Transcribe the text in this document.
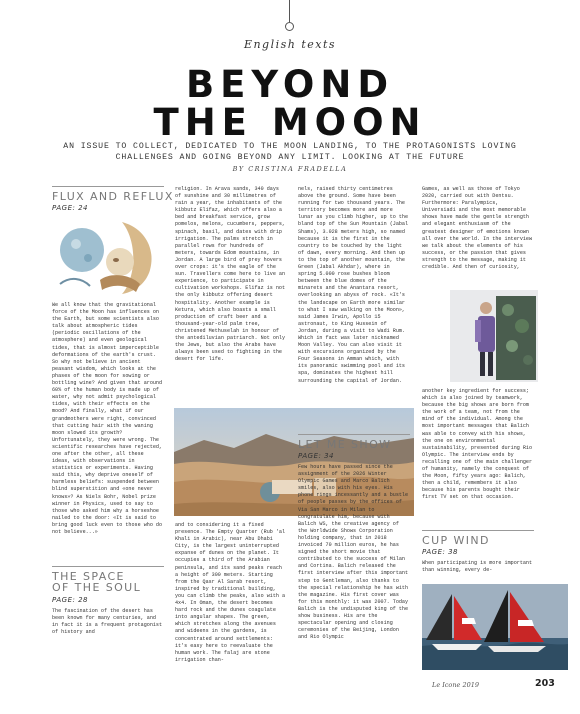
English texts
BEYOND
THE MOON
AN ISSUE TO COLLECT, DEDICATED TO THE MOON LANDING, TO THE PROTAGONISTS LOVING
CHALLENGES AND GOING BEYOND ANY LIMIT. LOOKING AT THE FUTURE
BY CRISTINA FRADELLA
FLUX AND REFLUX
PAGE: 24
We all know that the gravitational force of the Moon has influences on the Earth, but some scientists also talk about atmospheric tides (periodic oscillations of the atmosphere) and even geological tides, that is almost imperceptible deformations of the earth's crust. So why not believe in ancient peasant wisdom, which looks at the phases of the moon for sowing or bottling wine? And given that around 60% of the human body is made up of water, why not admit psychological tides, with their effects on the mood? And finally, what if our grandmothers were right, convinced that cutting hair with the waning moon slowed its growth? Unfortunately, they were wrong. The scientific researches have rejected, one after the other, all these ideas, with observations in statistics or experiments. Having said this, why deprive oneself of harmless beliefs: suspended between blind superstition and «one never knows»? As Niels Bohr, Nobel prize winner in Physics, used to say to those who asked him why a horseshoe nailed to the door: «It is said to bring good luck even to those who do not believe...»
THE SPACE
OF THE SOUL
PAGE: 28
The fascination of the desert has been known for many centuries, and in fact it is a frequent protagonist of history and
religion. In Arava sands, 340 days of sunshine and 30 millimetres of rain a year, the inhabitants of the kibbutz Elifaz, which offers also a bed and breakfast service, grow pomelos, melons, cucumbers, peppers, spinach, basil, and dates with drip irrigation. The palms stretch in parallel rows for hundreds of meters, towards Edom mountains, in Jordan. A large bird of prey hovers over crops: it's the eagle of the sun. Travellers come here to live an experience, to participate in cultivation workshops. Elifaz is not the only kibbutz offering desert hospitality. Another example is Ketura, which also boasts a small production of craft beer and a thousand-year-old palm tree, christened Methuselah in honour of the antediluvian patriarch. Not only the Jews, but also the Arabs have always been used to fighting in the desert for life.
and to considering it a fixed presence. The Empty Quarter (Rub 'al Khali in Arabic), near Abu Dhabi City, is the largest uninterrupted expanse of dunes on the planet. It occupies a third of the Arabian peninsula, and its sand peaks reach a height of 300 meters. Starting from the Qasr Al Sarab resort, inspired by traditional building, you can climb the peaks, also with a 4x4. In Oman, the desert becomes hard rock and the dunes coagulate into angular shapes. The green, which stretches along the avenues and wideens in the gardens, is concentrated around settlements: it's easy here to reevaluate the human work. The falaj are stone irrigation chan-
nels, raised thirty centimetres above the ground. Some have been running for two thousand years. The territory becomes more and more lunar as you climb higher, up to the bland top of the Sun Mountain (Jabal Shams), 3.028 meters high, so named because it is the first in the country to be touched by the light of dawn, every morning. And then up to the top of another mountain, the Green (Jabal Akhdar), where in spring 5.000 rose bushes bloom between the blue domes of the minarets and the Anantara resort, overlooking an abyss of rock. «It's the landscape on Earth more similar to what I saw walking on the Moon», said James Irwin, Apollo 15 astronaut, to King Hussein of Jordan, during a visit to Wadi Rum. Which in fact was later nicknamed Moon Valley. You can also visit it with excursions organized by the Four Seasons in Amman which, with its panoramic swimming pool and its spa, dominates the highest hill surrounding the capital of Jordan.
LET ME SHOW
PAGE: 34
Few hours have passed since the assignment of the 2026 Winter Olympic Games and Marco Balich smiles, also with his eyes. His phone rings incessantly and a bustle of people passes by the offices of Via San Marco in Milan to congratulate him, because with Balich WS, the creative agency of the Worldwide Shows Corporation holding company, that in 2018 invoiced 70 million euros, he has signed the short movie that contributed to the success of Milan and Cortina. Balich released the first interview after this important step to Gentleman, also thanks to the special relationship he has with the magazine. His first cover was for this monthly: it was 2007. Today Balich is the undisputed king of the show business. His are the spectacular opening and closing ceremonies of the Beijing, London and Rio Olympic
Games, as well as those of Tokyo 2020, carried out with Dentsu. Furthermore: Paralympics, Universiadi and the most memorable shows have made the gentle strength and elegant enthusiasm of the greatest designer of emotions known all over the world. In the interview we talk about the elements of his success, or the passion that gives strength to the message, making it credible. And then of curiosity,
another key ingredient for success; which is also joined by teamwork, because the big shows are born from the work of a team, not from the mind of the individual. Among the most important messages that Balich was able to convey with his shows, the one on environmental sustainability, presented during Rio Olympic. The interview ends by recalling one of the main challenger of humanity, namely the conquest of the Moon, fifty years ago: Balich, then a child, remembers it also because his parents bought their first TV set on that occasion.
CUP WIND
PAGE: 38
When participating is more important than winning, every de-
Le Icone 2019	203
